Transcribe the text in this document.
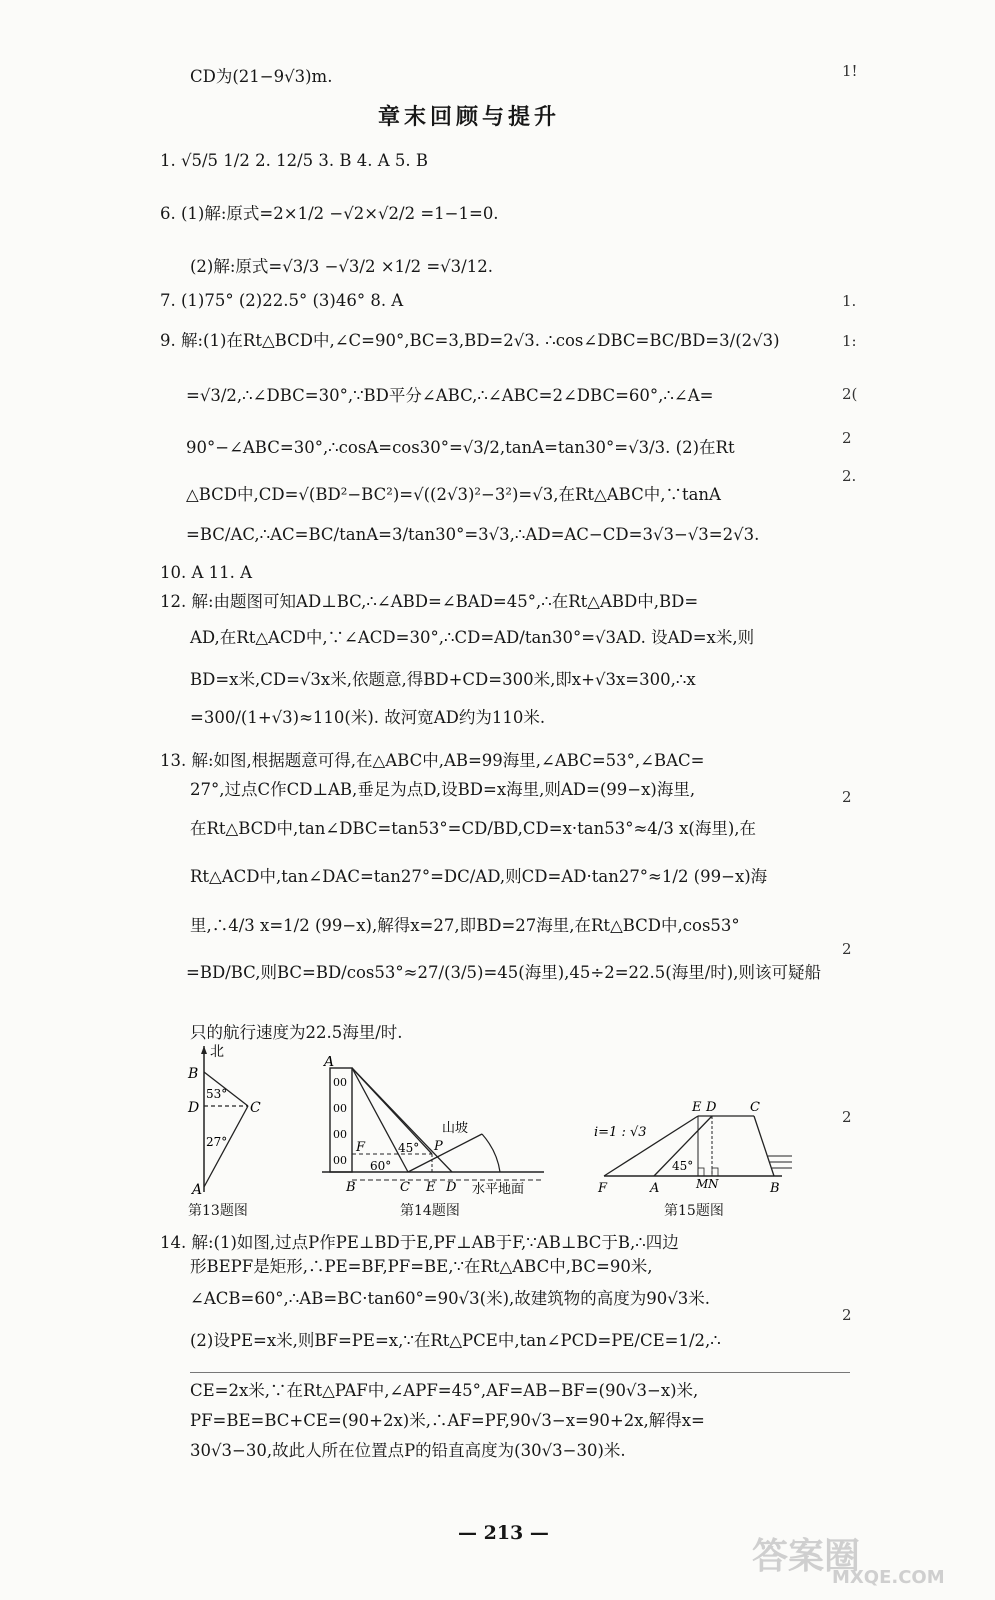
CD为(21−9√3)m.
章末回顾与提升
1. √5/5 1/2 2. 12/5 3. B 4. A 5. B
6. (1)解:原式=2×1/2 −√2×√2/2 =1−1=0.
(2)解:原式=√3/3 −√3/2 ×1/2 =√3/12.
7. (1)75° (2)22.5° (3)46° 8. A
9. 解:(1)在Rt△BCD中,∠C=90°,BC=3,BD=2√3. ∴cos∠DBC=BC/BD=3/(2√3)
=√3/2,∴∠DBC=30°,∵BD平分∠ABC,∴∠ABC=2∠DBC=60°,∴∠A=
90°−∠ABC=30°,∴cosA=cos30°=√3/2,tanA=tan30°=√3/3. (2)在Rt
△BCD中,CD=√(BD²−BC²)=√((2√3)²−3²)=√3,在Rt△ABC中,∵tanA
=BC/AC,∴AC=BC/tanA=3/tan30°=3√3,∴AD=AC−CD=3√3−√3=2√3.
10. A 11. A
12. 解:由题图可知AD⊥BC,∴∠ABD=∠BAD=45°,∴在Rt△ABD中,BD=
AD,在Rt△ACD中,∵∠ACD=30°,∴CD=AD/tan30°=√3AD. 设AD=x米,则
BD=x米,CD=√3x米,依题意,得BD+CD=300米,即x+√3x=300,∴x
=300/(1+√3)≈110(米). 故河宽AD约为110米.
13. 解:如图,根据题意可得,在△ABC中,AB=99海里,∠ABC=53°,∠BAC=
27°,过点C作CD⊥AB,垂足为点D,设BD=x海里,则AD=(99−x)海里,
在Rt△BCD中,tan∠DBC=tan53°=CD/BD,CD=x·tan53°≈4/3 x(海里),在
Rt△ACD中,tan∠DAC=tan27°=DC/AD,则CD=AD·tan27°≈1/2 (99−x)海
里,∴4/3 x=1/2 (99−x),解得x=27,即BD=27海里,在Rt△BCD中,cos53°
=BD/BC,则BC=BD/cos53°≈27/(3/5)=45(海里),45÷2=22.5(海里/时),则该可疑船
只的航行速度为22.5海里/时.
北
B
D	C
A
53°
27°
第13题图
00
00
00
00
A
F	P
B	C E D
山坡
水平地面
45°
60°
第14题图
i=1 : √3
E D	C
F	A	M N	B
45°
第15题图
14. 解:(1)如图,过点P作PE⊥BD于E,PF⊥AB于F,∵AB⊥BC于B,∴四边
形BEPF是矩形,∴PE=BF,PF=BE,∵在Rt△ABC中,BC=90米,
∠ACB=60°,∴AB=BC·tan60°=90√3(米),故建筑物的高度为90√3米.
(2)设PE=x米,则BF=PE=x,∵在Rt△PCE中,tan∠PCD=PE/CE=1/2,∴
CE=2x米,∵在Rt△PAF中,∠APF=45°,AF=AB−BF=(90√3−x)米,
PF=BE=BC+CE=(90+2x)米,∴AF=PF,90√3−x=90+2x,解得x=
30√3−30,故此人所在位置点P的铅直高度为(30√3−30)米.
— 213 —
1!
1.
1:
2(
2
2.
2
2
2
2
答案圈
MXQE.COM
